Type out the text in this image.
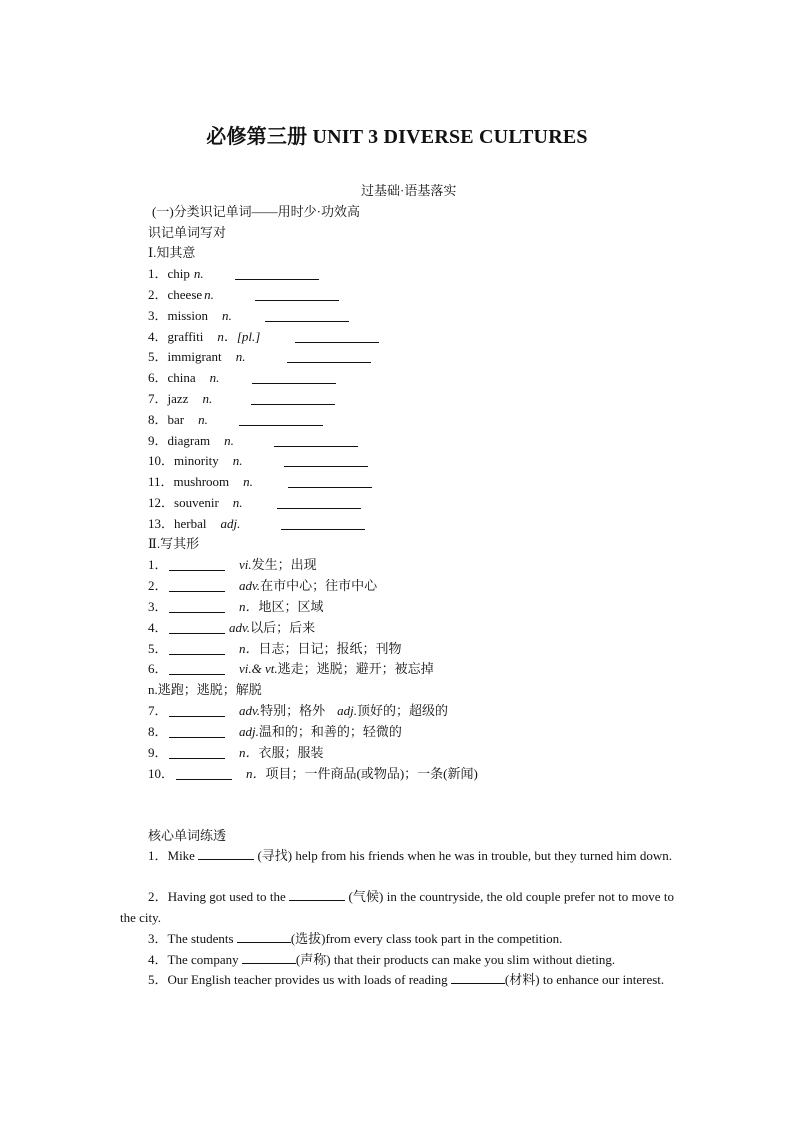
必修第三册 UNIT 3 DIVERSE CULTURES
过基础·语基落实
(一)分类识记单词——用时少·功效高
识记单词写对
Ⅰ.知其意
1．chip n.
2．cheese n.
3．mission n.
4．graffiti n．[pl.]
5．immigrant n.
6．china n.
7．jazz n.
8．bar n.
9．diagram n.
10．minority n.
11．mushroom n.
12．souvenir n.
13．herbal adj.
Ⅱ.写其形
1．	vi.发生；出现
2．	adv.在市中心；往市中心
3．	n．地区；区域
4．	adv.以后；后来
5．	n．日志；日记；报纸；刊物
6．	vi.& vt.逃走；逃脱；避开；被忘掉
n.逃跑；逃脱；解脱
7．	adv.特别；格外 adj.顶好的；超级的
8．	adj.温和的；和善的；轻微的
9．	n．衣服；服装
10．	n．项目；一件商品(或物品)；一条(新闻)
核心单词练透
1．Mike	(寻找) help from his friends when he was in trouble, but they turned him down.
2．Having got used to the	(气候) in the countryside, the old couple prefer not to move to the city.
3．The students	(选拔)from every class took part in the competition.
4．The company	(声称) that their products can make you slim without dieting.
5．Our English teacher provides us with loads of reading	(材料) to enhance our interest.
